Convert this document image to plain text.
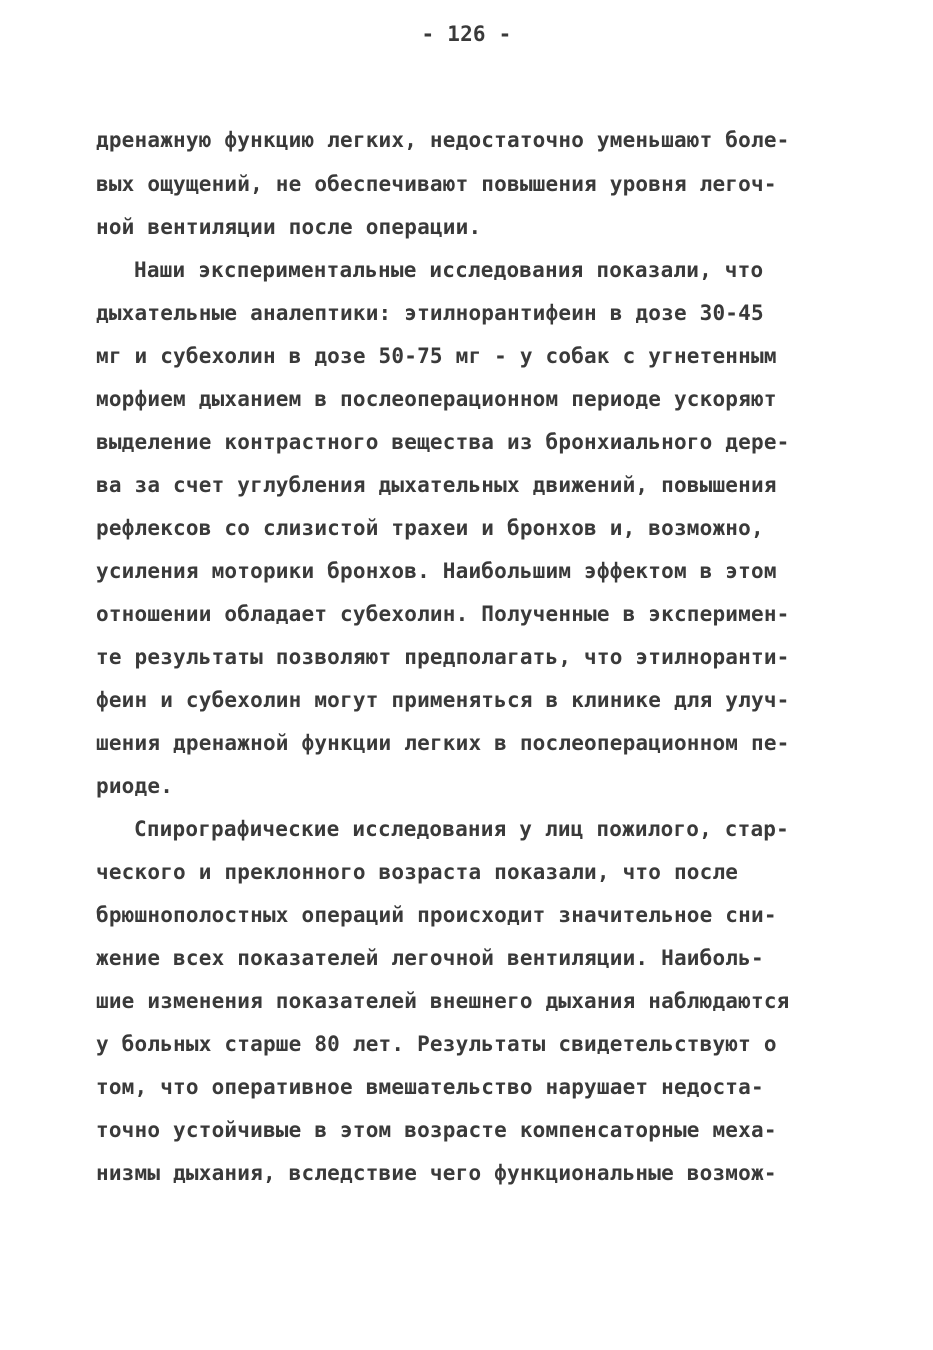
- 126 -
дренажную функцию легких, недостаточно уменьшают боле-
вых ощущений, не обеспечивают повышения уровня легоч-
ной вентиляции после операции.
Наши экспериментальные исследования показали, что
дыхательные аналептики: этилнорантифеин в дозе 30-45
мг и субехолин в дозе 50-75 мг - у собак с угнетенным
морфием дыханием в послеоперационном периоде ускоряют
выделение контрастного вещества из бронхиального дере-
ва за счет углубления дыхательных движений, повышения
рефлексов со слизистой трахеи и бронхов и, возможно,
усиления моторики бронхов. Наибольшим эффектом в этом
отношении обладает субехолин. Полученные в эксперимен-
те результаты позволяют предполагать, что этилноранти-
феин и субехолин могут применяться в клинике для улуч-
шения дренажной функции легких в послеоперационном пе-
риоде.
Спирографические исследования у лиц пожилого, стар-
ческого и преклонного возраста показали, что после
брюшнополостных операций происходит значительное сни-
жение всех показателей легочной вентиляции. Наиболь-
шие изменения показателей внешнего дыхания наблюдаются
у больных старше 80 лет. Результаты свидетельствуют о
том, что оперативное вмешательство нарушает недоста-
точно устойчивые в этом возрасте компенсаторные меха-
низмы дыхания, вследствие чего функциональные возмож-
